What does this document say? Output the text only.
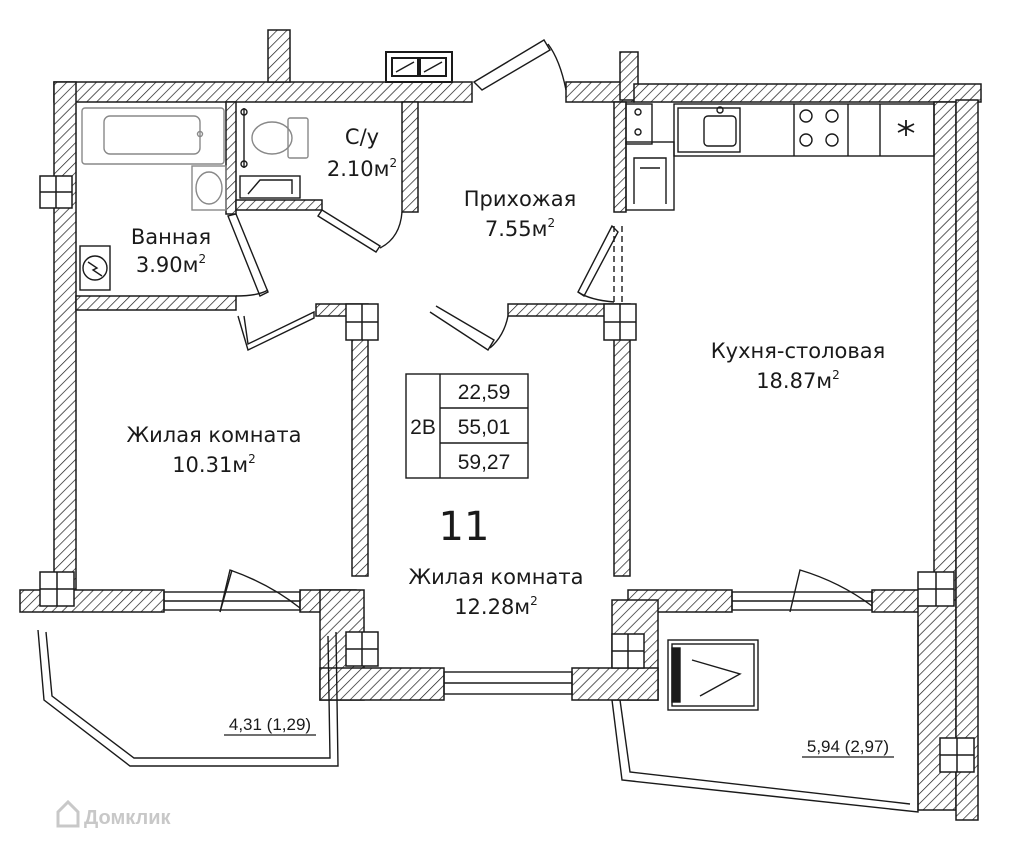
Ванная
$3.90м^2$
С/у
$2.10м^2$
Прихожая
$7.55м^2$
Кухня-столовая
$18.87м^2$
Жилая комната
$10.31м^2$
Жилая комната
$12.28м^2$
11
2В
22,59
55,01
59,27
4,31 (1,29)
5,94 (2,97)
Домклик
